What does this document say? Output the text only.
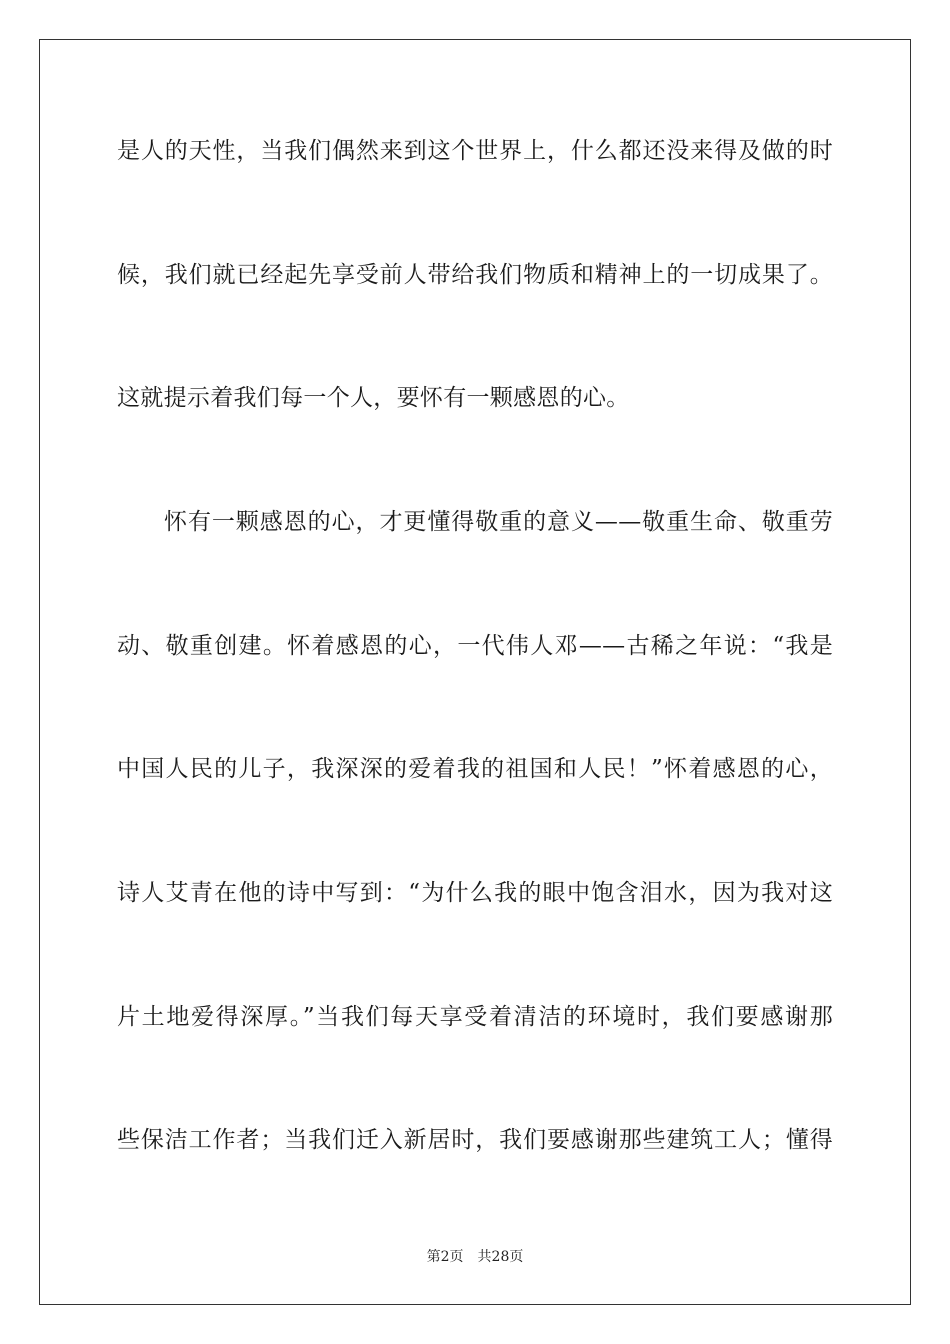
是人的天性，当我们偶然来到这个世界上，什么都还没来得及做的时
候，我们就已经起先享受前人带给我们物质和精神上的一切成果了。
这就提示着我们每一个人，要怀有一颗感恩的心。
怀有一颗感恩的心，才更懂得敬重的意义——敬重生命、敬重劳
动、敬重创建。怀着感恩的心，一代伟人邓——古稀之年说：“我是
中国人民的儿子，我深深的爱着我的祖国和人民！”怀着感恩的心，
诗人艾青在他的诗中写到：“为什么我的眼中饱含泪水，因为我对这
片土地爱得深厚。”当我们每天享受着清洁的环境时，我们要感谢那
些保洁工作者；当我们迁入新居时，我们要感谢那些建筑工人；懂得
第2页 共28页
